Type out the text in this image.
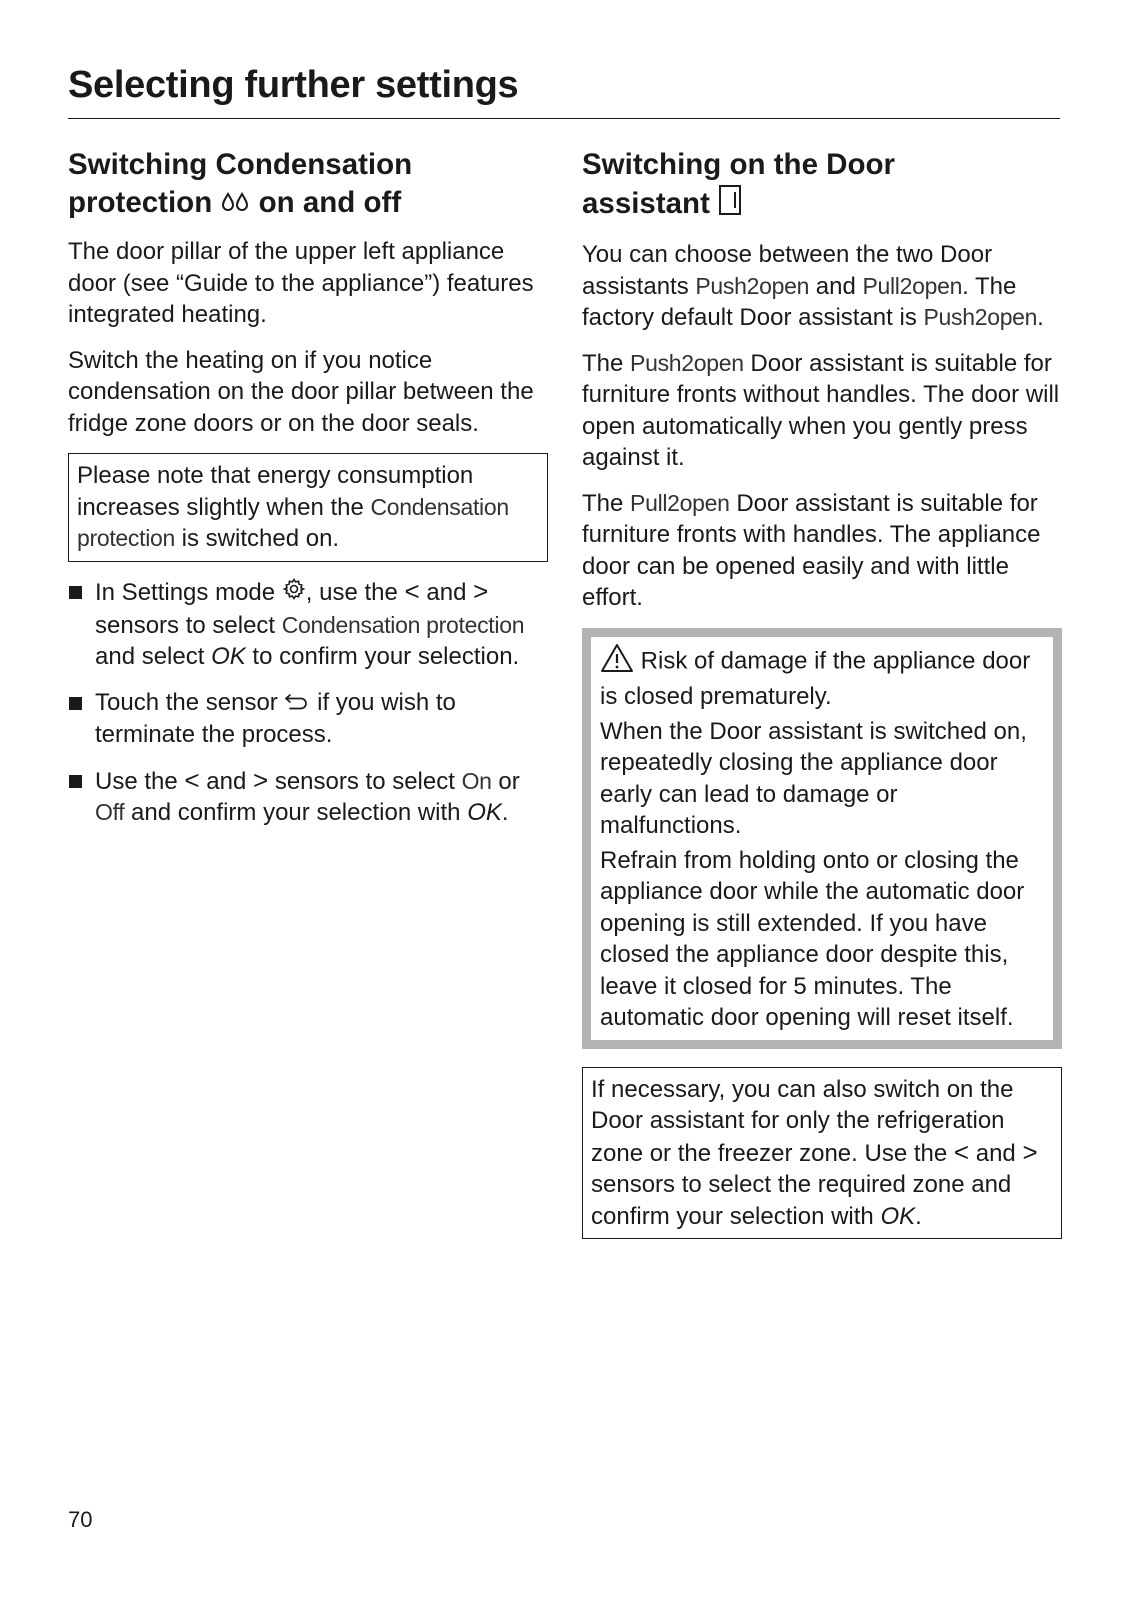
Selecting further settings
Switching Condensation
protection on and off

The door pillar of the upper left appliance door (see “Guide to the appliance”) features integrated heating.

Switch the heating on if you notice condensation on the door pillar between the fridge zone doors or on the door seals.

Please note that energy consumption increases slightly when the Condensation protection is switched on.

In Settings mode , use the < and > sensors to select Condensation protection and select OK to confirm your selection.
Touch the sensor  if you wish to terminate the process.
Use the < and > sensors to select On or Off and confirm your selection with OK.
Switching on the Door
assistant

You can choose between the two Door assistants Push2open and Pull2open. The factory default Door assistant is Push2open.

The Push2open Door assistant is suitable for furniture fronts without handles. The door will open automatically when you gently press against it.

The Pull2open Door assistant is suitable for furniture fronts with handles. The appliance door can be opened easily and with little effort.

Risk of damage if the appliance door is closed prematurely.

When the Door assistant is switched on, repeatedly closing the appliance door early can lead to damage or malfunctions.

Refrain from holding onto or closing the appliance door while the automatic door opening is still extended. If you have closed the appliance door despite this, leave it closed for 5 minutes. The automatic door opening will reset itself.

If necessary, you can also switch on the Door assistant for only the refrigeration zone or the freezer zone. Use the < and > sensors to select the required zone and confirm your selection with OK.

70
